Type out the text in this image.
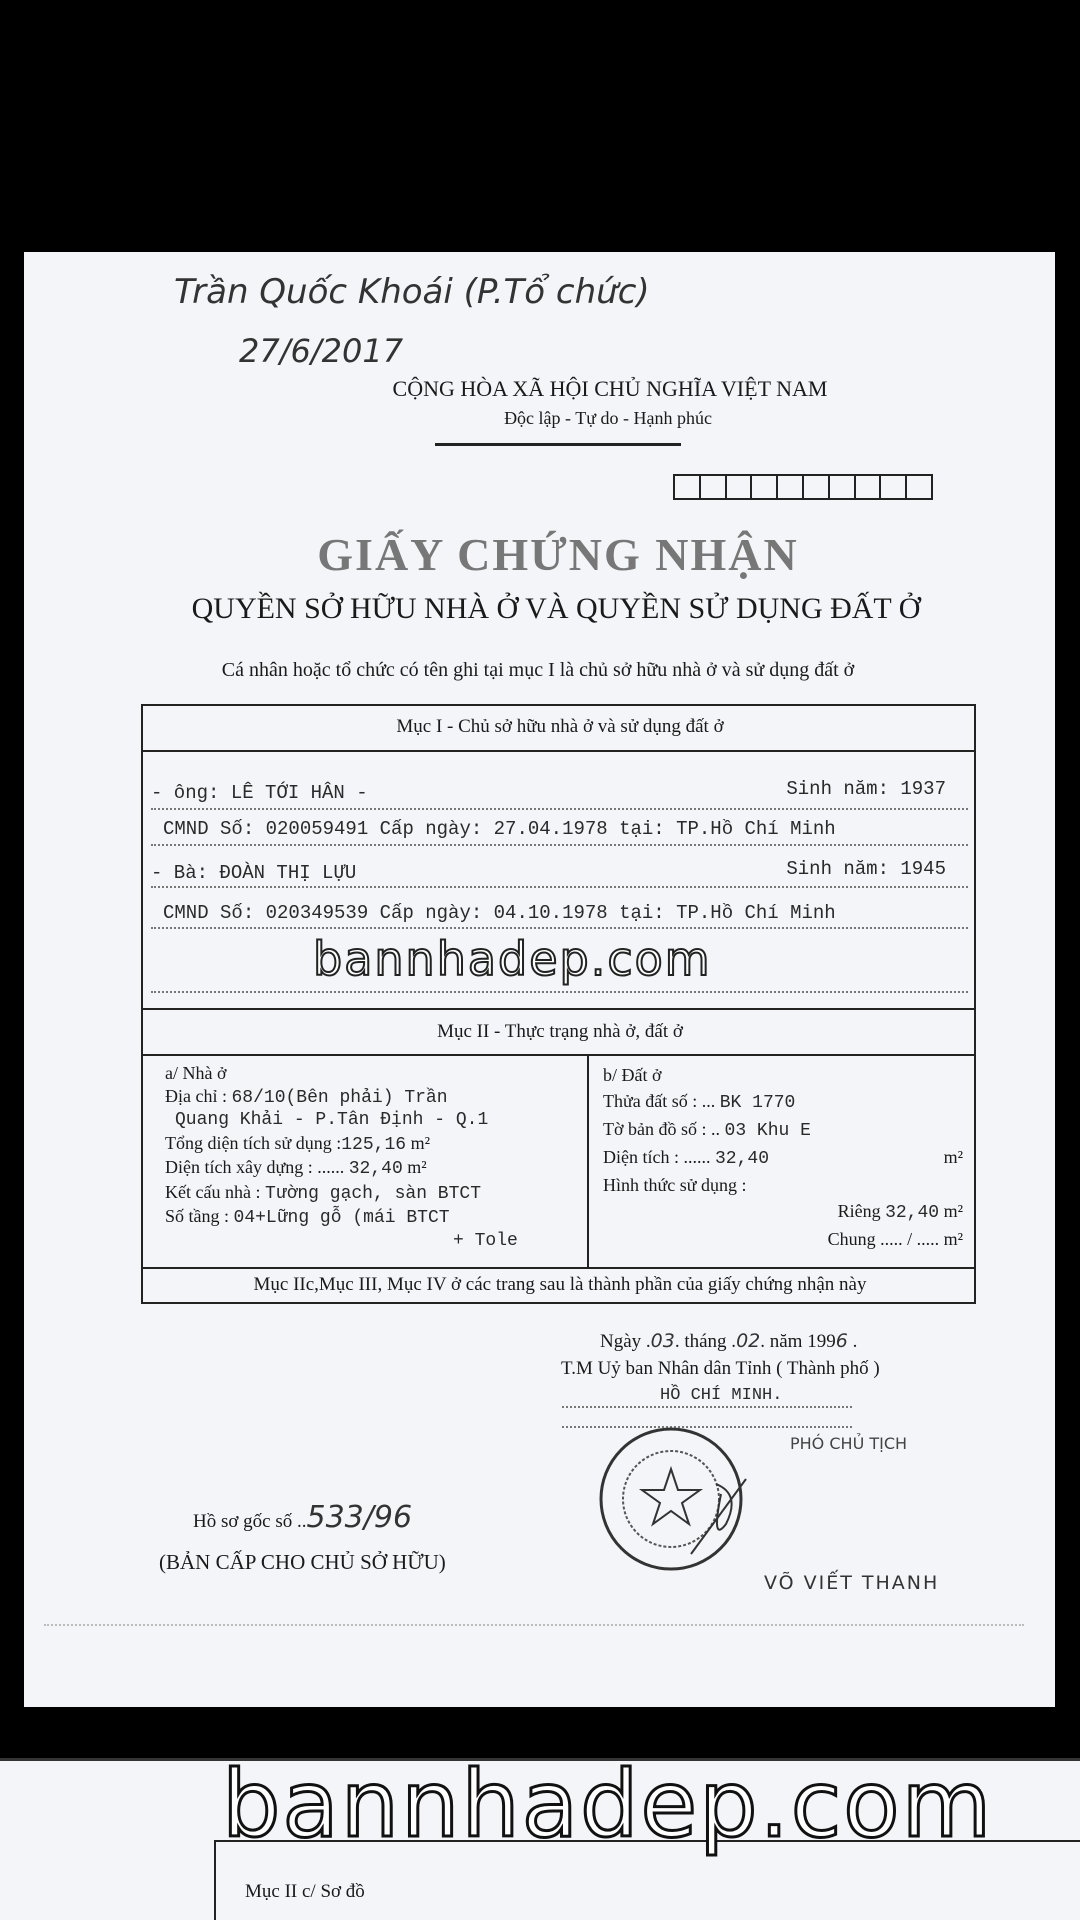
Trần Quốc Khoái (P.Tổ chức)
27/6/2017
CỘNG HÒA XÃ HỘI CHỦ NGHĨA VIỆT NAM
Độc lập - Tự do - Hạnh phúc
GIẤY CHỨNG NHẬN
QUYỀN SỞ HỮU NHÀ Ở VÀ QUYỀN SỬ DỤNG ĐẤT Ở
Cá nhân hoặc tổ chức có tên ghi tại mục I là chủ sở hữu nhà ở và sử dụng đất ở
Mục I - Chủ sở hữu nhà ở và sử dụng đất ở
- ông: LÊ TỚI HÂN -	Sinh năm: 1937
CMND Số: 020059491 Cấp ngày: 27.04.1978 tại: TP.Hồ Chí Minh
- Bà: ĐOÀN THỊ LỰU	Sinh năm: 1945
CMND Số: 020349539 Cấp ngày: 04.10.1978 tại: TP.Hồ Chí Minh
bannhadep.com
Mục II - Thực trạng nhà ở, đất ở
a/ Nhà ở
Địa chỉ : 68/10(Bên phải) Trần
Quang Khải - P.Tân Định - Q.1
Tổng diện tích sử dụng :125,16 m²
Diện tích xây dựng : ...... 32,40 m²
Kết cấu nhà : Tường gạch, sàn BTCT
Số tầng : 04+Lững gỗ (mái BTCT
+ Tole
b/ Đất ở
Thửa đất số : ... BK 1770
Tờ bản đồ số : .. 03 Khu E
Diện tích : ...... 32,40	m²
Hình thức sử dụng :
Riêng 32,40 m²
Chung ..... / ..... m²
Mục IIc,Mục III, Mục IV ở các trang sau là thành phần của giấy chứng nhận này
Ngày .03. tháng .02. năm 1996 .
T.M Uỷ ban Nhân dân Tỉnh ( Thành phố )
HỒ CHÍ MINH.
PHÓ CHỦ TỊCH
VÕ VIẾT THANH
Hồ sơ gốc số ..533/96
(BẢN CẤP CHO CHỦ SỞ HỮU)
bannhadep.com
Mục II c/ Sơ đồ
